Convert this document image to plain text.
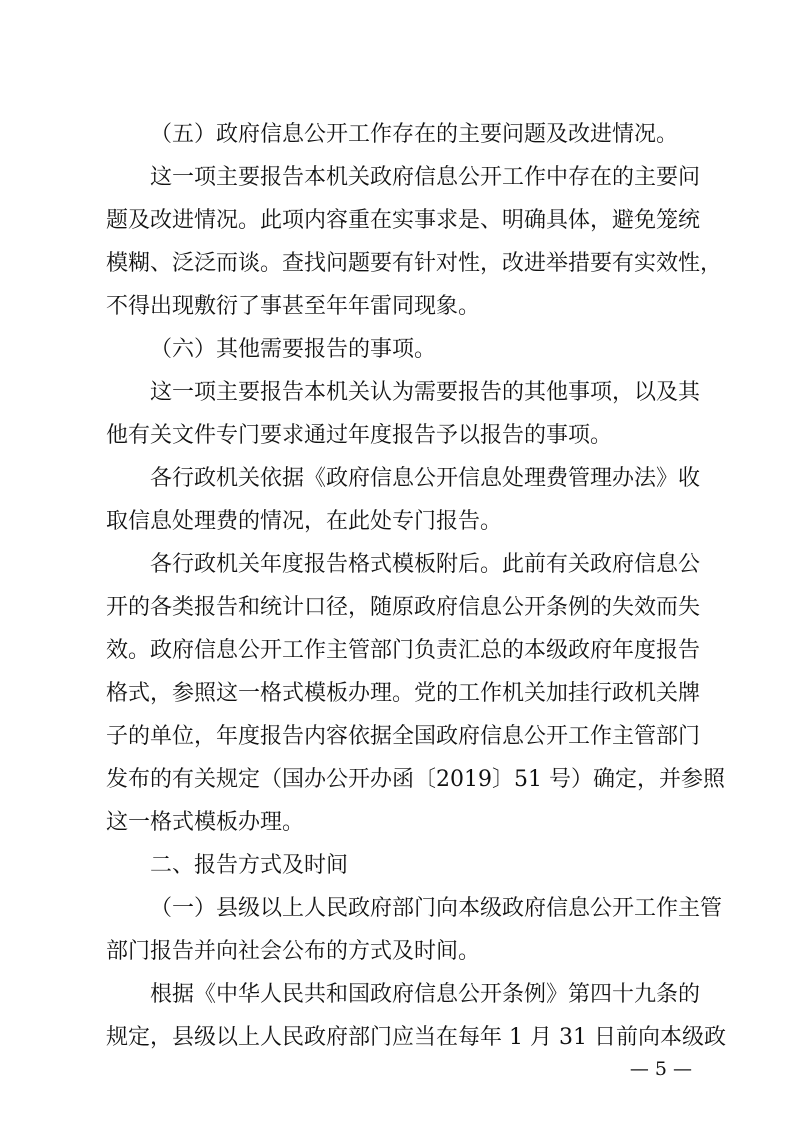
（五）政府信息公开工作存在的主要问题及改进情况。
这一项主要报告本机关政府信息公开工作中存在的主要问
题及改进情况。此项内容重在实事求是、明确具体，避免笼统
模糊、泛泛而谈。查找问题要有针对性，改进举措要有实效性，
不得出现敷衍了事甚至年年雷同现象。
（六）其他需要报告的事项。
这一项主要报告本机关认为需要报告的其他事项，以及其
他有关文件专门要求通过年度报告予以报告的事项。
各行政机关依据《政府信息公开信息处理费管理办法》收
取信息处理费的情况，在此处专门报告。
各行政机关年度报告格式模板附后。此前有关政府信息公
开的各类报告和统计口径，随原政府信息公开条例的失效而失
效。政府信息公开工作主管部门负责汇总的本级政府年度报告
格式，参照这一格式模板办理。党的工作机关加挂行政机关牌
子的单位，年度报告内容依据全国政府信息公开工作主管部门
发布的有关规定（国办公开办函〔2019〕51 号）确定，并参照
这一格式模板办理。
二、报告方式及时间
（一）县级以上人民政府部门向本级政府信息公开工作主管
部门报告并向社会公布的方式及时间。
根据《中华人民共和国政府信息公开条例》第四十九条的
规定，县级以上人民政府部门应当在每年 1 月 31 日前向本级政
— 5 —
